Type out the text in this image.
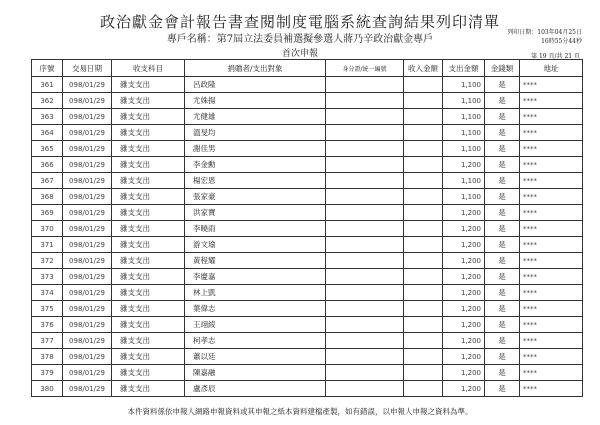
政治獻金會計報告書查閱制度電腦系統查詢結果列印清單
專戶名稱：第7屆立法委員補選擬參選人蔣乃辛政治獻金專戶
首次申報
列印日期：103年04月25日
16時55分44秒
第 19 頁/共 21 頁
序號	交易日期	收支科目	捐贈者/支出對象	身分證/統一編號	收入金額	支出金額	金錢類	地址
361	098/01/29	雜支支出	呂政隆			1,100	是	****
362	098/01/29	雜支支出	尤姝揚			1,100	是	****
363	098/01/29	雜支支出	尤健雄			1,100	是	****
364	098/01/29	雜支支出	溫旻均			1,100	是	****
365	098/01/29	雜支支出	謝佳男			1,100	是	****
366	098/01/29	雜支支出	李金勳			1,200	是	****
367	098/01/29	雜支支出	楊宏恩			1,100	是	****
368	098/01/29	雜支支出	張家豪			1,100	是	****
369	098/01/29	雜支支出	洪家寶			1,200	是	****
370	098/01/29	雜支支出	李曉雨			1,200	是	****
371	098/01/29	雜支支出	游文瑜			1,200	是	****
372	098/01/29	雜支支出	黃程耀			1,200	是	****
373	098/01/29	雜支支出	李慶嘉			1,200	是	****
374	098/01/29	雜支支出	林上凱			1,200	是	****
375	098/01/29	雜支支出	葉偉志			1,200	是	****
376	098/01/29	雜支支出	王翊綾			1,200	是	****
377	098/01/29	雜支支出	柯孝志			1,200	是	****
378	098/01/29	雜支支出	蕭以廷			1,200	是	****
379	098/01/29	雜支支出	陳嘉融			1,200	是	****
380	098/01/29	雜支支出	盧彥辰			1,200	是	****
本件資料係依申報人網路申報資料或其申報之紙本資料建檔產製，如有錯誤，以申報人申報之資料為準。
